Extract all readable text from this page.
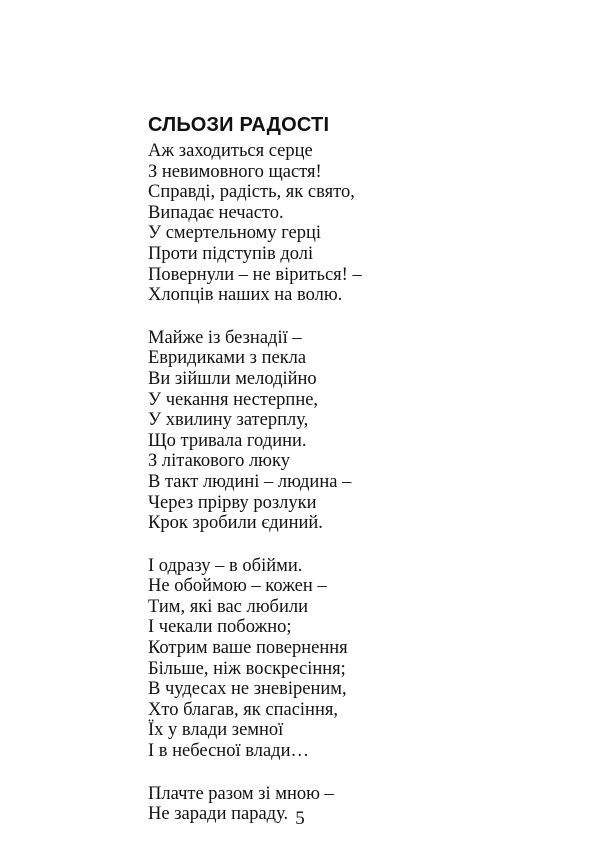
СЛЬОЗИ РАДОСТІ
Аж заходиться серце
З невимовного щастя!
Справді, радість, як свято,
Випадає нечасто.
У смертельному герці
Проти підступів долі
Повернули – не віриться! –
Хлопців наших на волю.
Майже із безнадії –
Евридиками з пекла
Ви зійшли мелодійно
У чекання нестерпне,
У хвилину затерплу,
Що тривала години.
З літакового люку
В такт людині – людина –
Через прірву розлуки
Крок зробили єдиний.
І одразу – в обійми.
Не обоймою – кожен –
Тим, які вас любили
І чекали побожно;
Котрим ваше повернення
Більше, ніж воскресіння;
В чудесах не зневіреним,
Хто благав, як спасіння,
Їх у влади земної
І в небесної влади…
Плачте разом зі мною –
Не заради параду. 5
